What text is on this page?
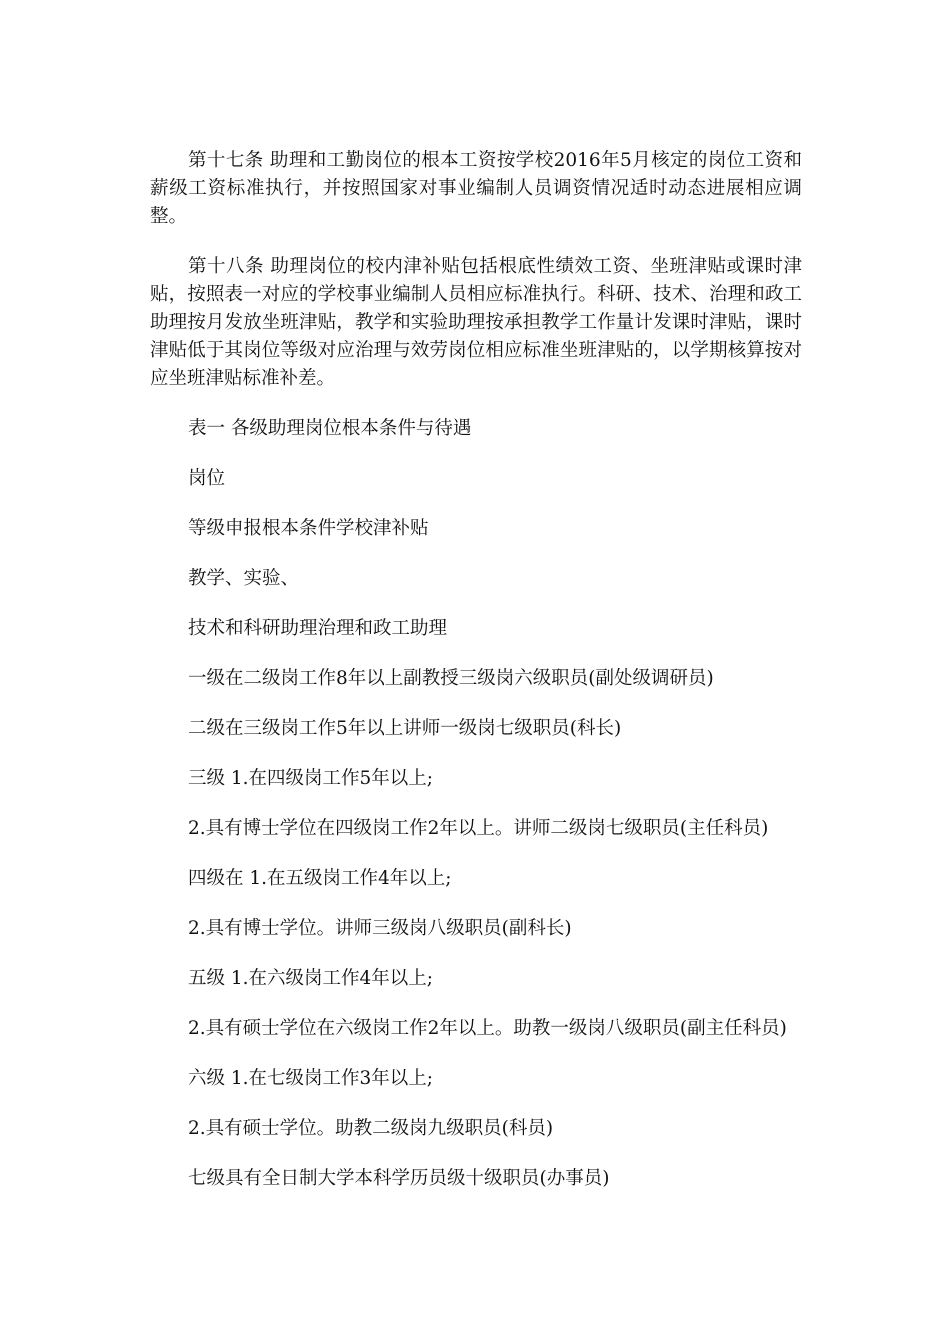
第十七条 助理和工勤岗位的根本工资按学校2016年5月核定的岗位工资和薪级工资标准执行，并按照国家对事业编制人员调资情况适时动态进展相应调整。

第十八条 助理岗位的校内津补贴包括根底性绩效工资、坐班津贴或课时津贴，按照表一对应的学校事业编制人员相应标准执行。科研、技术、治理和政工助理按月发放坐班津贴，教学和实验助理按承担教学工作量计发课时津贴，课时津贴低于其岗位等级对应治理与效劳岗位相应标准坐班津贴的，以学期核算按对应坐班津贴标准补差。

表一 各级助理岗位根本条件与待遇

岗位

等级申报根本条件学校津补贴

教学、实验、

技术和科研助理治理和政工助理

一级在二级岗工作8年以上副教授三级岗六级职员(副处级调研员)

二级在三级岗工作5年以上讲师一级岗七级职员(科长)

三级 1.在四级岗工作5年以上;

2.具有博士学位在四级岗工作2年以上。讲师二级岗七级职员(主任科员)

四级在 1.在五级岗工作4年以上;

2.具有博士学位。讲师三级岗八级职员(副科长)

五级 1.在六级岗工作4年以上;

2.具有硕士学位在六级岗工作2年以上。助教一级岗八级职员(副主任科员)

六级 1.在七级岗工作3年以上;

2.具有硕士学位。助教二级岗九级职员(科员)

七级具有全日制大学本科学历员级十级职员(办事员)
